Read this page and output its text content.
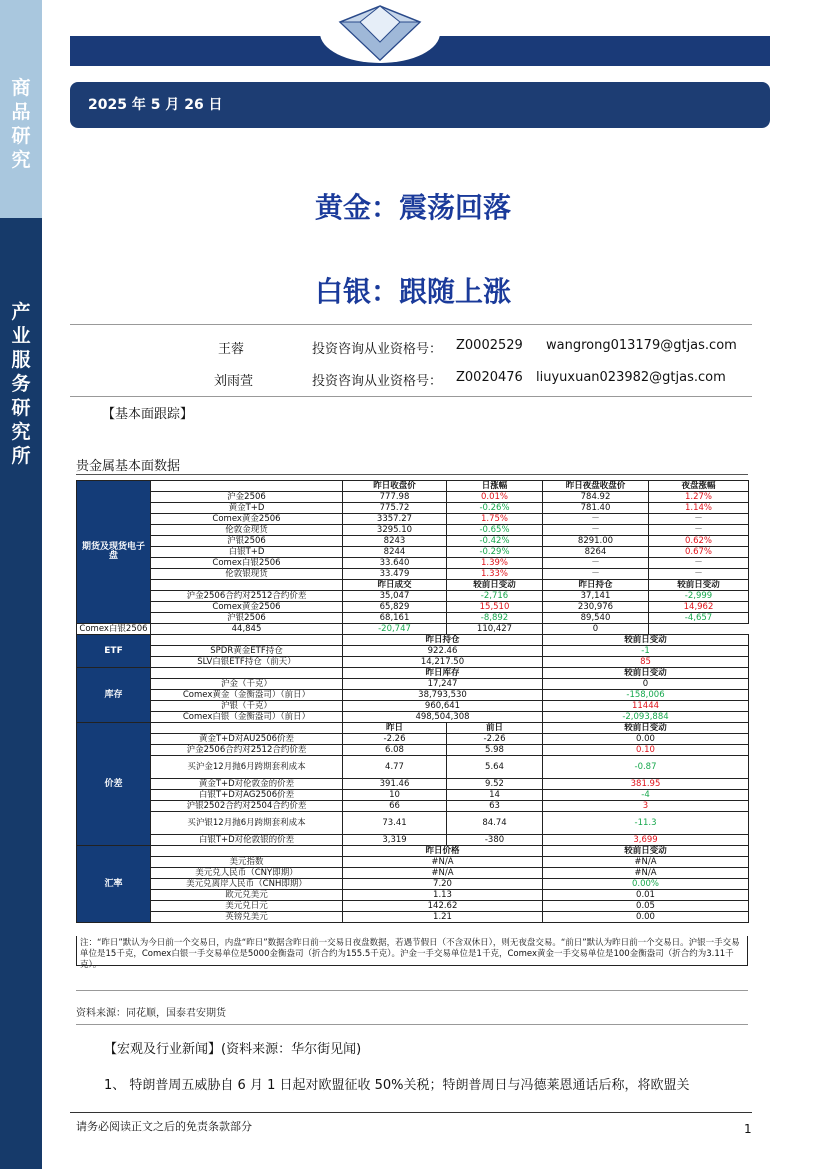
商
品
研
究
产
业
服
务
研
究
所
2025 年 5 月 26 日
黄金：震荡回落
白银：跟随上涨
王蓉	投资咨询从业资格号： Z0002529 wangrong013179@gtjas.com
刘雨萱	投资咨询从业资格号： Z0020476 liuyuxuan023982@gtjas.com
【基本面跟踪】
贵金属基本面数据
期货及现货电子盘		昨日收盘价	日涨幅	昨日夜盘收盘价	夜盘涨幅
	沪金2506	777.98	0.01%	784.92	1.27%
	黄金T+D	775.72	-0.26%	781.40	1.14%
	Comex黄金2506	3357.27	1.75%	－	－
	伦敦金现货	3295.10	-0.65%	－	－
	沪银2506	8243	-0.42%	8291.00	0.62%
	白银T+D	8244	-0.29%	8264	0.67%
	Comex白银2506	33.640	1.39%	－	－
	伦敦银现货	33.479	1.33%	－	－
		昨日成交	较前日变动	昨日持仓	较前日变动
	沪金2506合约对2512合约价差	35,047	-2,716	37,141	-2,999
	Comex黄金2506	65,829	15,510	230,976	14,962
	沪银2506	68,161	-8,892	89,540	-4,657
Comex白银2506	44,845	-20,747	110,427	0	
ETF		昨日持仓		较前日变动	
	SPDR黄金ETF持仓	922.46		-1	
	SLV白银ETF持仓（前天）	14,217.50		85	
库存		昨日库存		较前日变动	
	沪金（千克）	17,247		0	
	Comex黄金（金衡盎司）（前日）	38,793,530		-158,006	
	沪银（千克）	960,641		11444	
	Comex白银（金衡盎司）（前日）	498,504,308		-2,093,884	
价差		昨日	前日	较前日变动	
	黄金T+D对AU2506价差	-2.26	-2.26	0.00	
	沪金2506合约对2512合约价差	6.08	5.98	0.10	
	买沪金12月抛6月跨期套利成本	4.77	5.64	-0.87	
	黄金T+D对伦敦金的价差	391.46	9.52	381.95	
	白银T+D对AG2506价差	10	14	-4	
	沪银2502合约对2504合约价差	66	63	3	
	买沪银12月抛6月跨期套利成本	73.41	84.74	-11.3	
	白银T+D对伦敦银的价差	3,319	-380	3,699	
汇率		昨日价格		较前日变动	
	美元指数	#N/A		#N/A	
	美元兑人民币（CNY即期）	#N/A		#N/A	
	美元兑离岸人民币（CNH即期）	7.20		0.00%	
	欧元兑美元	1.13		0.01	
	美元兑日元	142.62		0.05	
	英镑兑美元	1.21		0.00	
注：“昨日”默认为今日前一个交易日，内盘“昨日”数据含昨日前一交易日夜盘数据，若遇节假日（不含双休日），则无夜盘交易。“前日”默认为昨日前一个交易日。沪银一手交易单位是15千克，Comex白银一手交易单位是5000金衡盎司（折合约为155.5千克）。沪金一手交易单位是1千克，Comex黄金一手交易单位是100金衡盎司（折合约为3.11千克）。
资料来源：同花顺，国泰君安期货
【宏观及行业新闻】(资料来源：华尔街见闻)
1、 特朗普周五威胁自 6 月 1 日起对欧盟征收 50%关税；特朗普周日与冯德莱恩通话后称，将欧盟关
请务必阅读正文之后的免责条款部分	1
